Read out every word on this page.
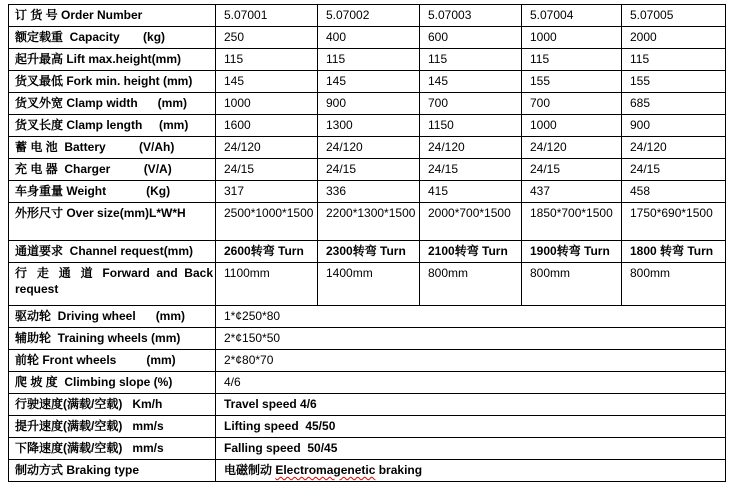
订 货 号 Order Number	5.07001	5.07002	5.07003	5.07004	5.07005
额定载重  Capacity       (kg)	250	400	600	1000	2000
起升最高 Lift max.height(mm)	115	115	115	115	115
货叉最低 Fork min. height (mm)	145	145	145	155	155
货叉外宽 Clamp width      (mm)	1000	900	700	700	685
货叉长度 Clamp length     (mm)	1600	1300	1150	1000	900
蓄 电 池  Battery          (V/Ah)	24/120	24/120	24/120	24/120	24/120
充 电 器  Charger          (V/A)	24/15	24/15	24/15	24/15	24/15
车身重量 Weight            (Kg)	317	336	415	437	458
外形尺寸 Over size(mm)L*W*H	2500*1000*1500	2200*1300*1500	2000*700*1500	1850*700*1500	1750*690*1500
通道要求  Channel request(mm)	2600转弯 Turn	2300转弯 Turn	2100转弯 Turn	1900转弯 Turn	1800 转弯 Turn
行 走 通 道 Forward and Back request	1100mm	1400mm	800mm	800mm	800mm
驱动轮  Driving wheel      (mm)	1*¢250*80				
辅助轮  Training wheels (mm)	2*¢150*50				
前轮 Front wheels         (mm)	2*¢80*70				
爬 坡 度  Climbing slope (%)	4/6				
行驶速度(满载/空载)   Km/h	Travel speed 4/6				
提升速度(满载/空载)   mm/s	Lifting speed  45/50				
下降速度(满载/空载)   mm/s	Falling speed  50/45				
制动方式 Braking type	电磁制动 Electromagenetic braking				
